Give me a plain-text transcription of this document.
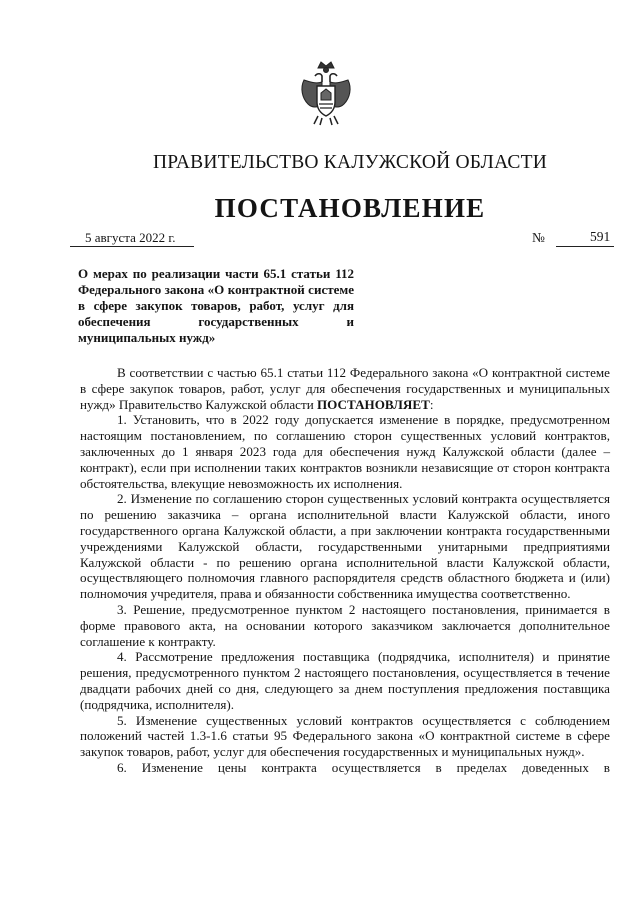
ПРАВИТЕЛЬСТВО КАЛУЖСКОЙ ОБЛАСТИ
ПОСТАНОВЛЕНИЕ
5 августа 2022 г.	№	591
О мерах по реализации части 65.1 статьи 112 Федерального закона «О контрактной системе в сфере закупок товаров, работ, услуг для обеспечения государственных и муниципальных нужд»

В соответствии с частью 65.1 статьи 112 Федерального закона «О контрактной системе в сфере закупок товаров, работ, услуг для обеспечения государственных и муниципальных нужд» Правительство Калужской области ПОСТАНОВЛЯЕТ:

1. Установить, что в 2022 году допускается изменение в порядке, предусмотренном настоящим постановлением, по соглашению сторон существенных условий контрактов, заключенных до 1 января 2023 года для обеспечения нужд Калужской области (далее – контракт), если при исполнении таких контрактов возникли независящие от сторон контракта обстоятельства, влекущие невозможность их исполнения.

2. Изменение по соглашению сторон существенных условий контракта осуществляется по решению заказчика – органа исполнительной власти Калужской области, иного государственного органа Калужской области, а при заключении контракта государственными учреждениями Калужской области, государственными унитарными предприятиями Калужской области - по решению органа исполнительной власти Калужской области, осуществляющего полномочия главного распорядителя средств областного бюджета и (или) полномочия учредителя, права и обязанности собственника имущества соответственно.

3. Решение, предусмотренное пунктом 2 настоящего постановления, принимается в форме правового акта, на основании которого заказчиком заключается дополнительное соглашение к контракту.

4. Рассмотрение предложения поставщика (подрядчика, исполнителя) и принятие решения, предусмотренного пунктом 2 настоящего постановления, осуществляется в течение двадцати рабочих дней со дня, следующего за днем поступления предложения поставщика (подрядчика, исполнителя).

5. Изменение существенных условий контрактов осуществляется с соблюдением положений частей 1.3-1.6 статьи 95 Федерального закона «О контрактной системе в сфере закупок товаров, работ, услуг для обеспечения государственных и муниципальных нужд».

6. Изменение цены контракта осуществляется в пределах доведенных в
